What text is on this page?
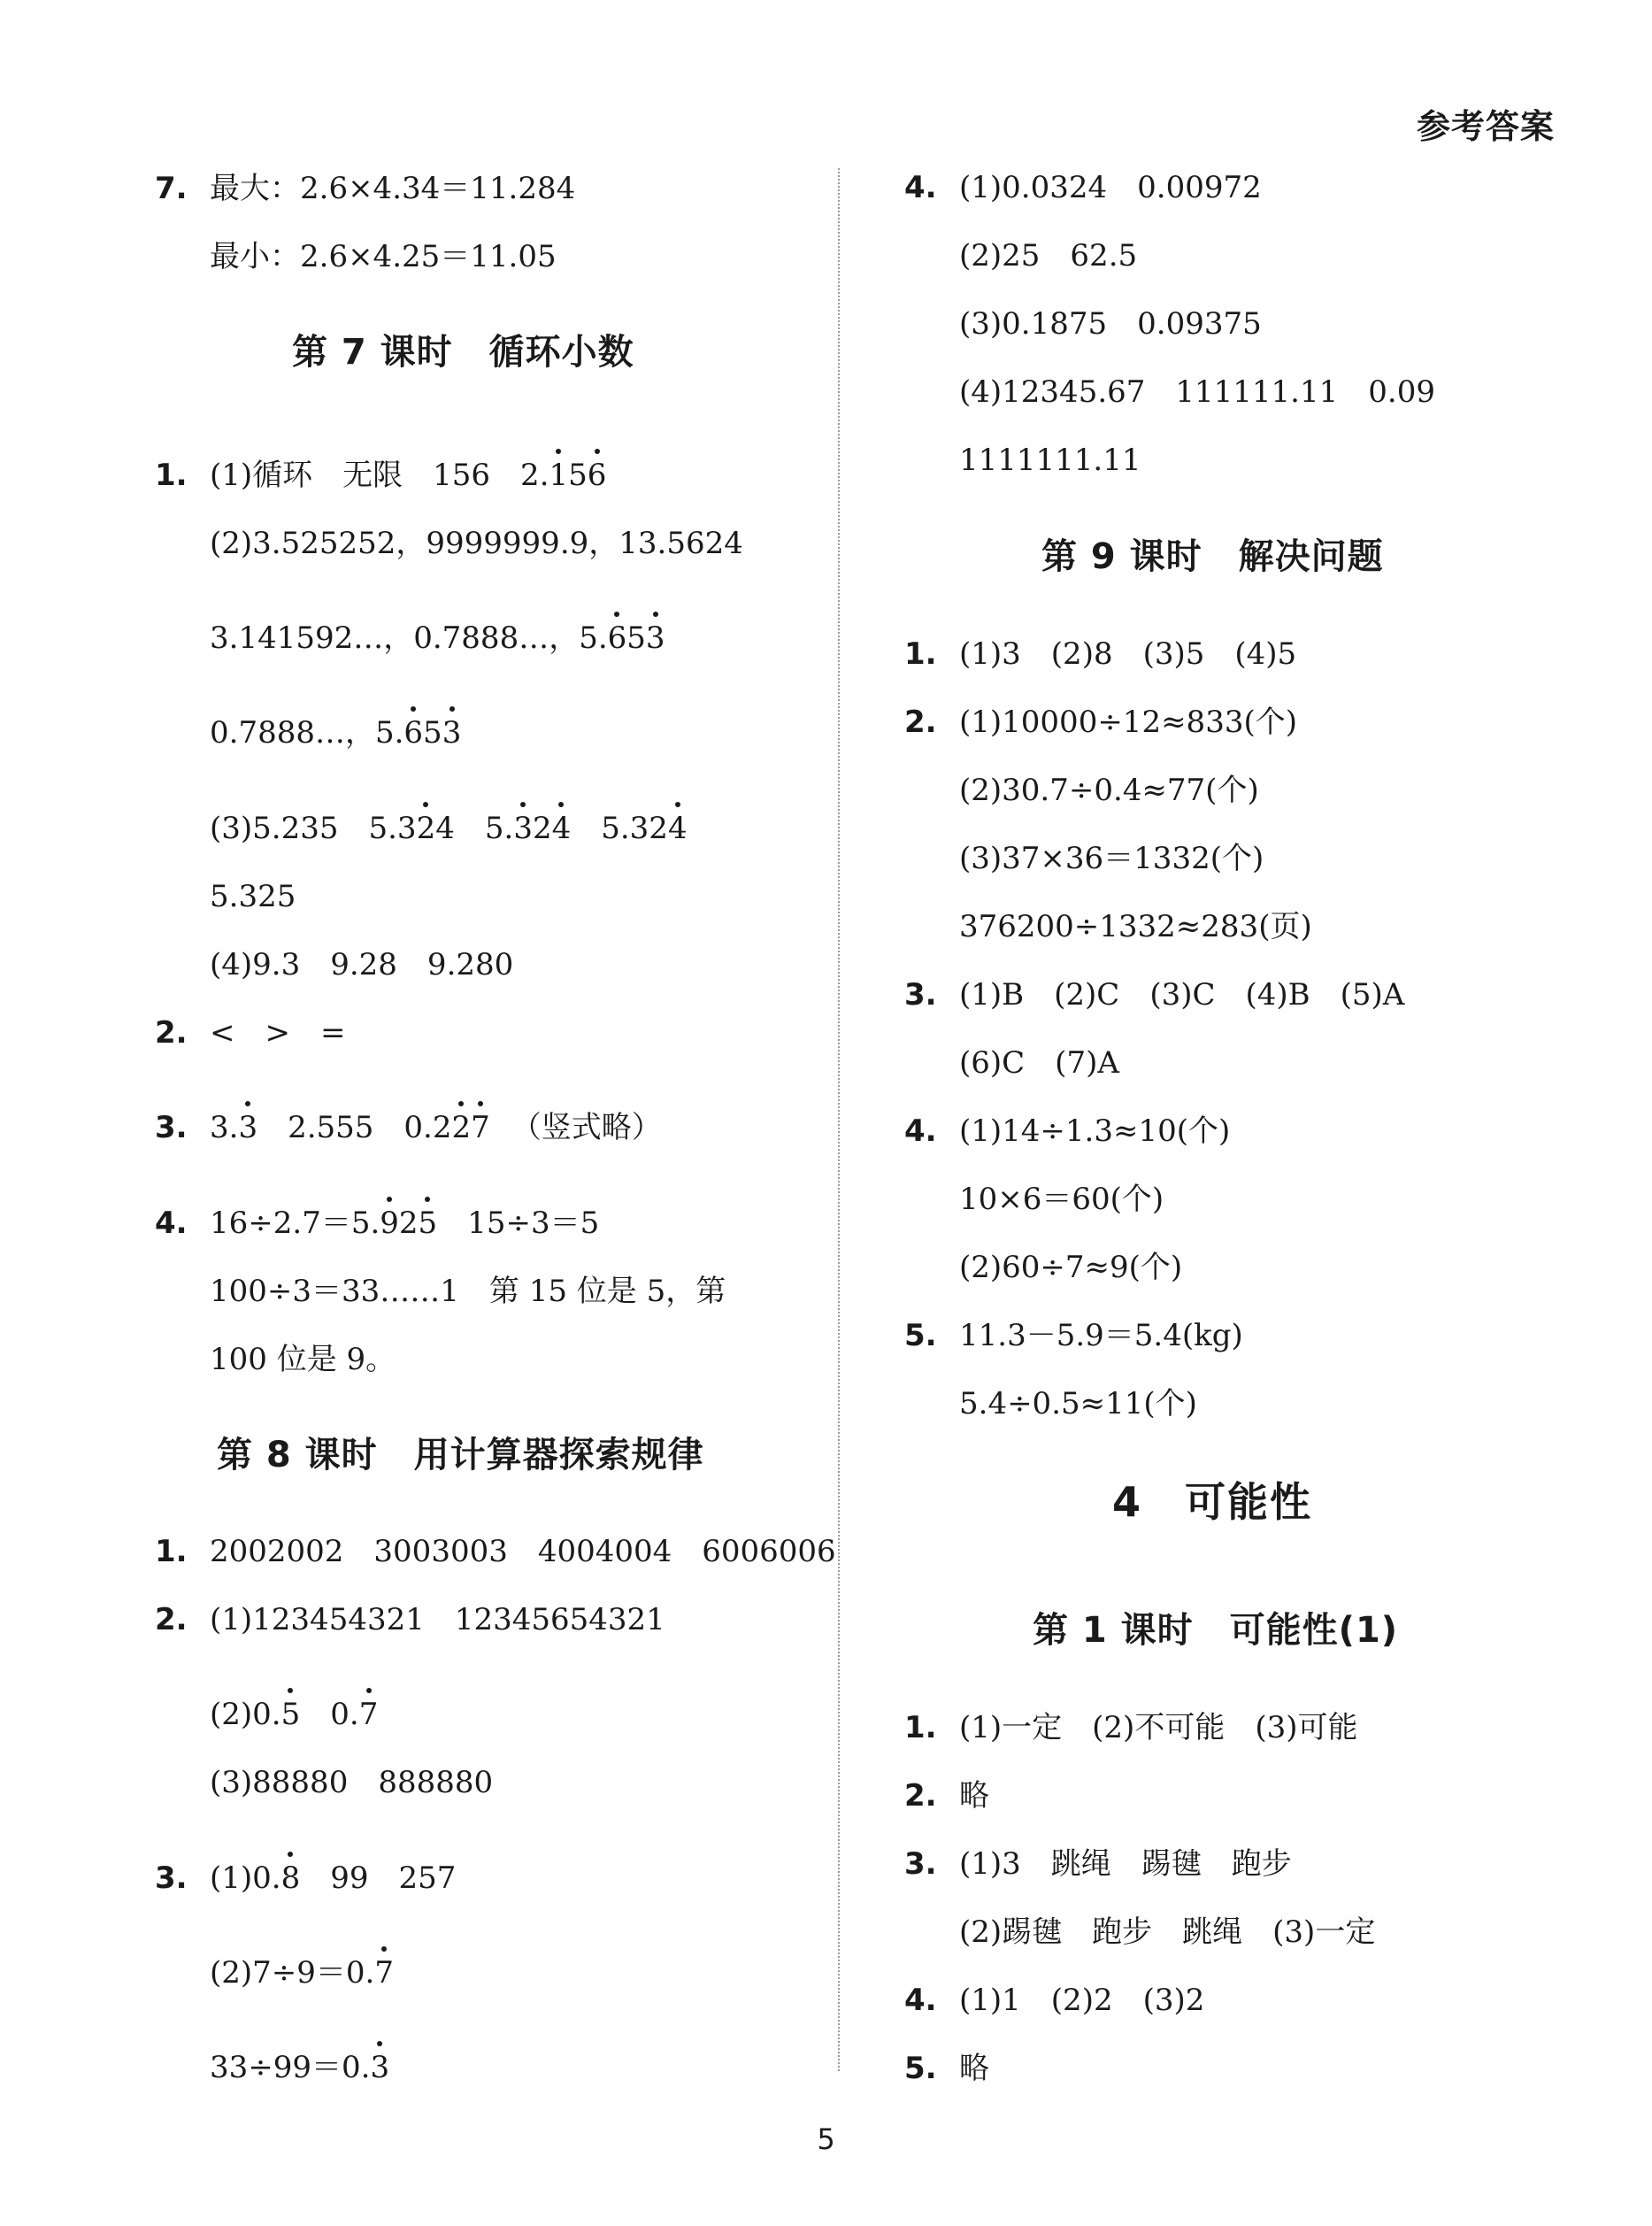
参考答案
7. 最大：2.6×4.34＝11.284
最小：2.6×4.25＝11.05
第 7 课时　循环小数
1. (1)循环　无限　156　2.156
(2)3.525252，9999999.9，13.5624
3.141592…，0.7888…，5.653
0.7888…，5.653
(3)5.235　5.324　5.324　5.324
5.325
(4)9.3　9.28　9.280
2. <　>　=
3. 3.3　2.555　0.227 （竖式略）
4. 16÷2.7＝5.925　15÷3＝5
100÷3＝33……1　第 15 位是 5，第
100 位是 9。
第 8 课时　用计算器探索规律
1. 2002002　3003003　4004004　6006006
2. (1)123454321　12345654321
(2)0.5　0.7
(3)88880　888880
3. (1)0.8　99　257
(2)7÷9＝0.7
33÷99＝0.3
4. (1)0.0324　0.00972
(2)25　62.5
(3)0.1875　0.09375
(4)12345.67　111111.11　0.09
1111111.11
第 9 课时　解决问题
1. (1)3　(2)8　(3)5　(4)5
2. (1)10000÷12≈833(个)
(2)30.7÷0.4≈77(个)
(3)37×36＝1332(个)
376200÷1332≈283(页)
3. (1)B　(2)C　(3)C　(4)B　(5)A
(6)C　(7)A
4. (1)14÷1.3≈10(个)
10×6＝60(个)
(2)60÷7≈9(个)
5. 11.3－5.9＝5.4(kg)
5.4÷0.5≈11(个)
4　可能性
第 1 课时　可能性(1)
1. (1)一定　(2)不可能　(3)可能
2. 略
3. (1)3　跳绳　踢毽　跑步
(2)踢毽　跑步　跳绳　(3)一定
4. (1)1　(2)2　(3)2
5. 略
5
